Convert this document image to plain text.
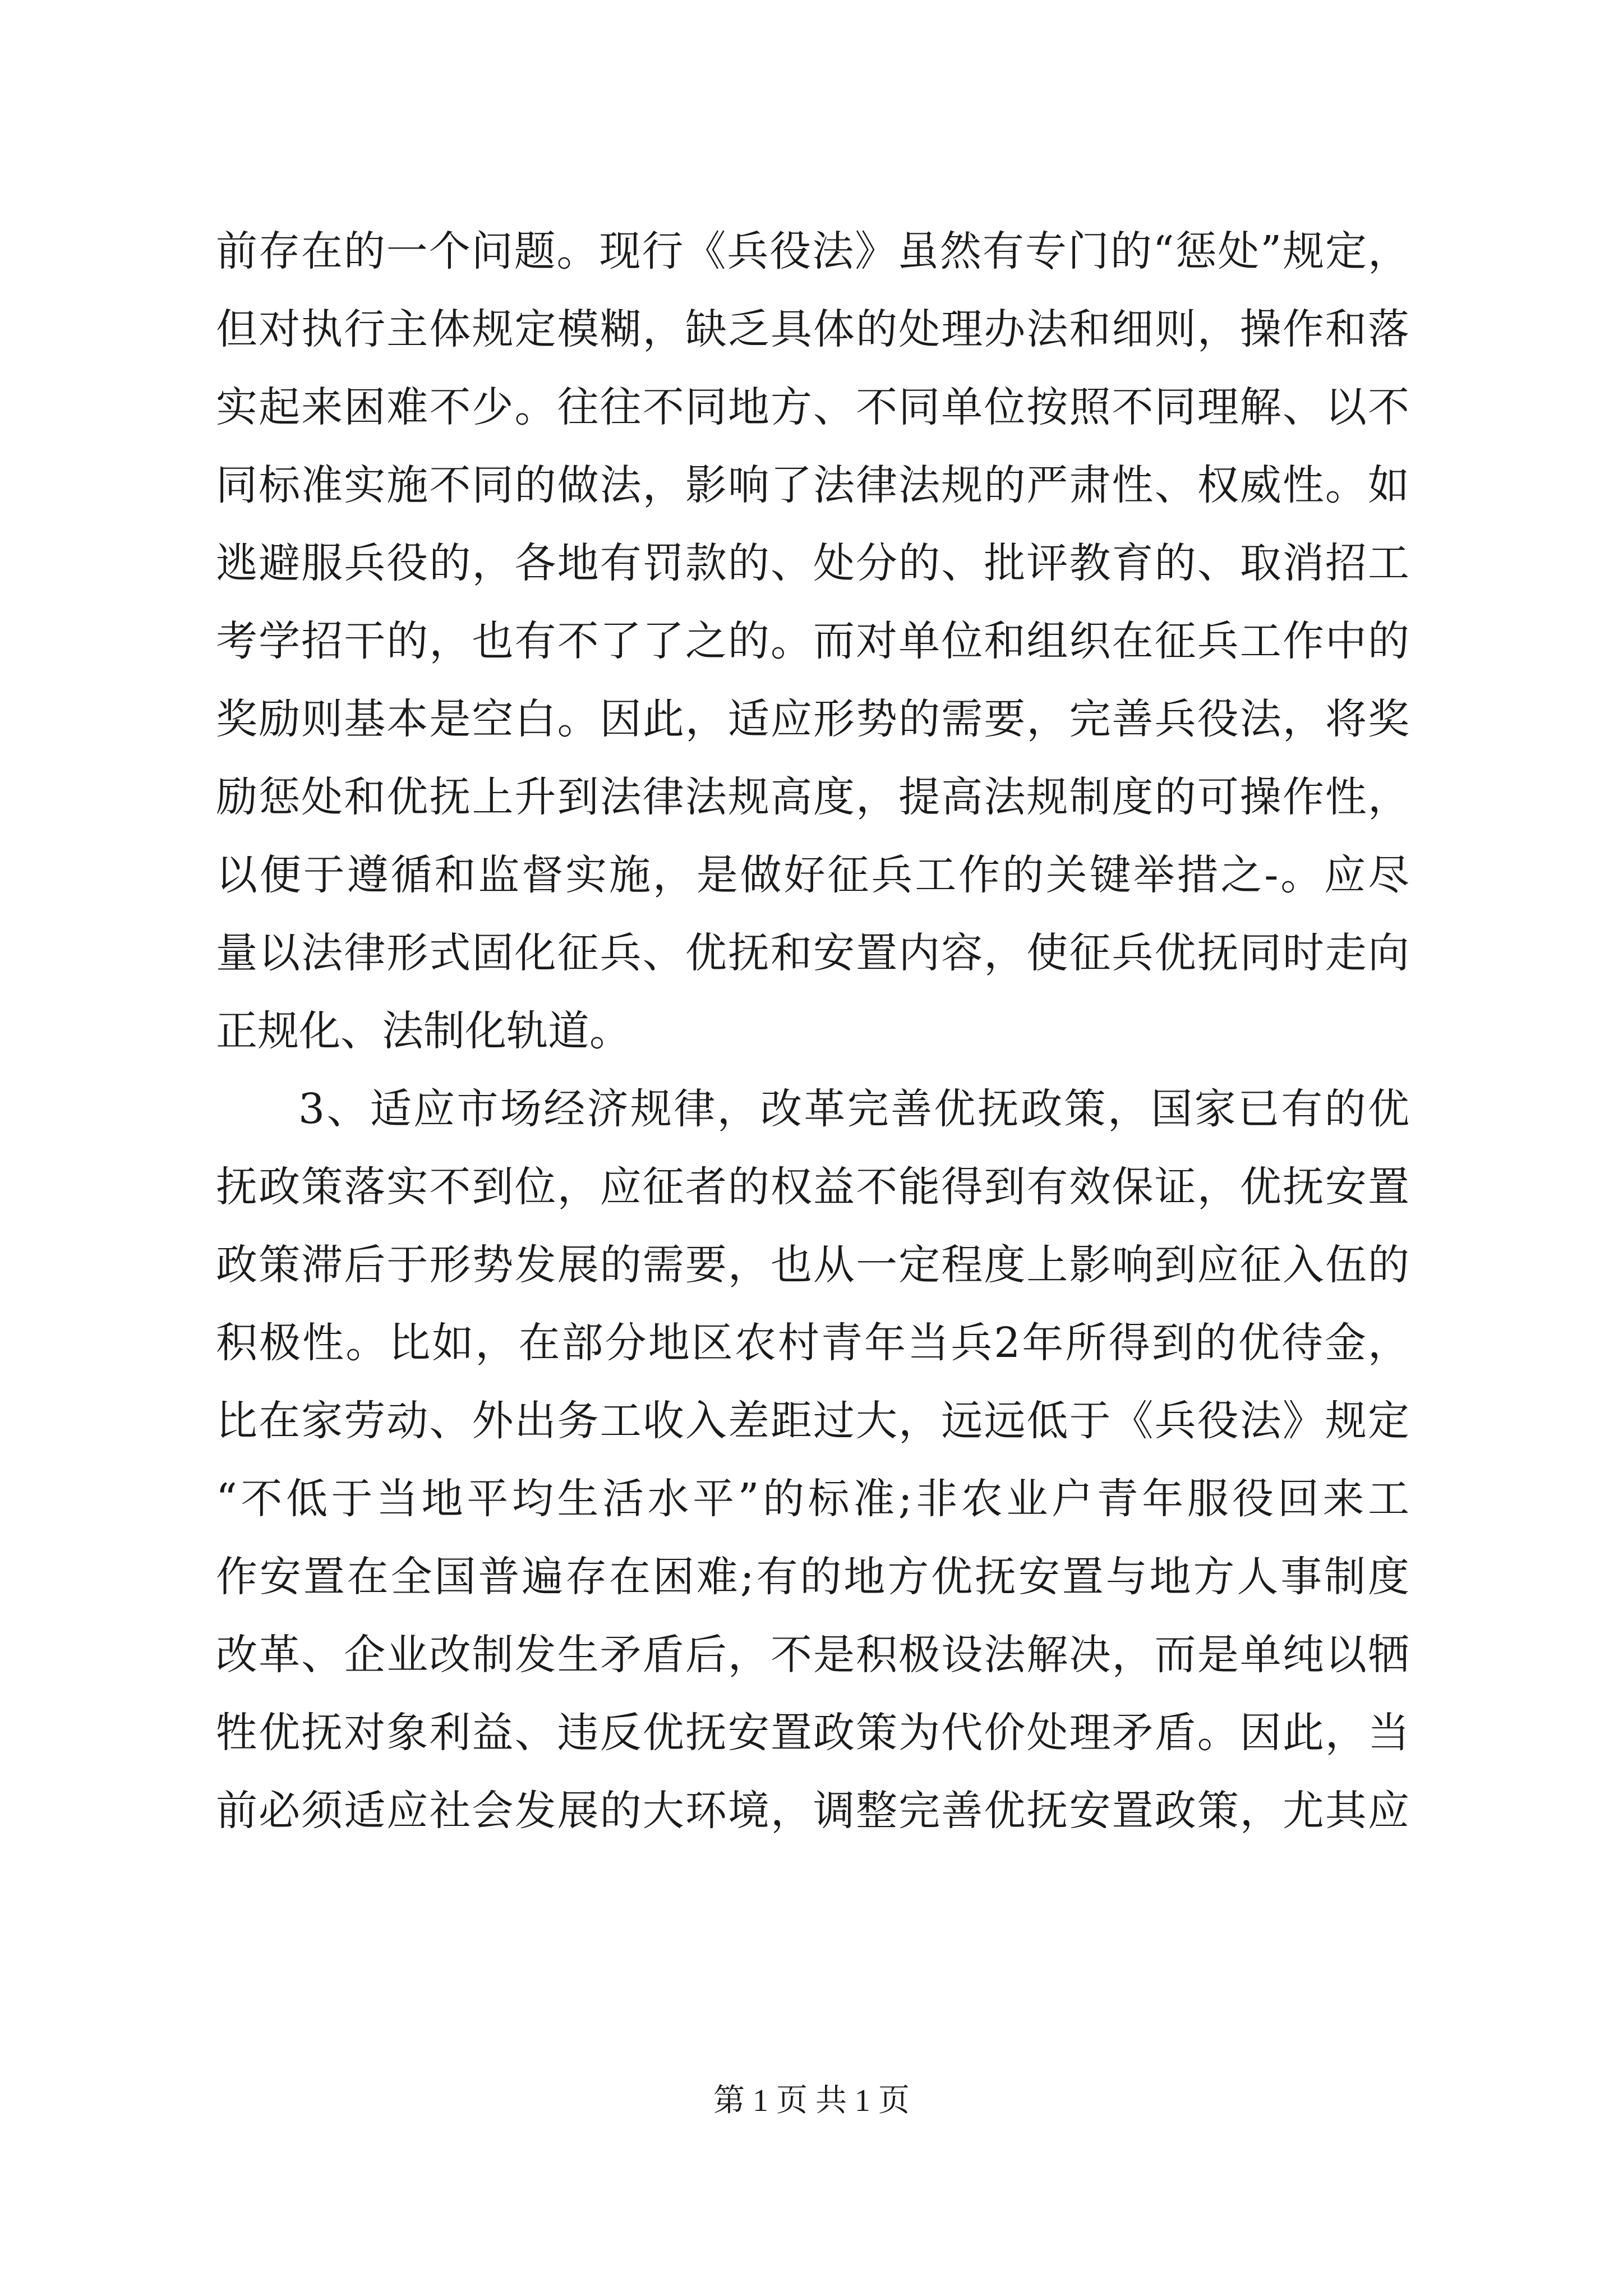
前存在的一个问题。现行《兵役法》虽然有专门的“惩处”规定，
但对执行主体规定模糊，缺乏具体的处理办法和细则，操作和落
实起来困难不少。往往不同地方、不同单位按照不同理解、以不
同标准实施不同的做法，影响了法律法规的严肃性、权威性。如
逃避服兵役的，各地有罚款的、处分的、批评教育的、取消招工
考学招干的，也有不了了之的。而对单位和组织在征兵工作中的
奖励则基本是空白。因此，适应形势的需要，完善兵役法，将奖
励惩处和优抚上升到法律法规高度，提高法规制度的可操作性，
以便于遵循和监督实施，是做好征兵工作的关键举措之-。应尽
量以法律形式固化征兵、优抚和安置内容，使征兵优抚同时走向
正规化、法制化轨道。
3、适应市场经济规律，改革完善优抚政策，国家已有的优
抚政策落实不到位，应征者的权益不能得到有效保证，优抚安置
政策滞后于形势发展的需要，也从一定程度上影响到应征入伍的
积极性。比如，在部分地区农村青年当兵2年所得到的优待金，
比在家劳动、外出务工收入差距过大，远远低于《兵役法》规定
“不低于当地平均生活水平”的标准;非农业户青年服役回来工
作安置在全国普遍存在困难;有的地方优抚安置与地方人事制度
改革、企业改制发生矛盾后，不是积极设法解决，而是单纯以牺
牲优抚对象利益、违反优抚安置政策为代价处理矛盾。因此，当
前必须适应社会发展的大环境，调整完善优抚安置政策，尤其应
第 1 页 共 1 页
